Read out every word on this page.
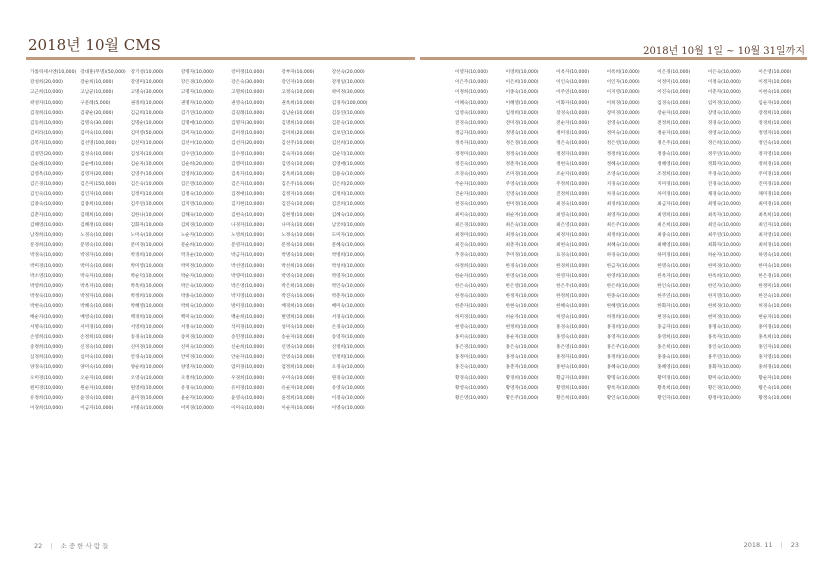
2018년 10월 CMS
가톨릭세시엔(10,000) 강대훈(무명)(50,000)	강기성(10,000)	강명자(10,000)	강미정(10,000)	강부자(10,000)	강선숙(20,000)
강성희(20,000)	강순희(10,000)	강영미(10,000)	강은경(10,000)	강은숙(30,000)	강인자(10,000)	강정일(10,000)
고근희(10,000)	고남균(10,000)	고명숙(30,000)	고명자(10,000)	고명희(10,000)	고정숙(10,000)	곽미정(30,000)
곽성자(10,000)	구문례(5,000)	권경희(10,000)	권명자(10,000)	권영숙(10,000)	권옥희(10,000)	김경자(100,000)
김경희(10,000)	김광순(20,000)	김금희(10,000)	김기연(10,000)	김길례(10,000)	김남순(10,000)	김동연(10,000)
김동희(10,000)	김명숙(30,000)	김명순(10,000)	김명애(10,000)	김명자(30,000)	김명희(10,000)	김문숙(10,000)
김미라(10,000)	김미숙(10,000)	김미영(50,000)	김미자(10,000)	김미정(10,000)	김미희(20,000)	김보연(10,000)
김복자(10,000)	김선영(100,000)	김선미(10,000)	김선이(10,000)	김선자(20,000)	김선주(10,000)	김선희(10,000)
김성민(20,000)	김성숙(10,000)	김성자(10,000)	김수연(10,000)	김수정(10,000)	김숙자(10,000)	김순덕(10,000)
김순례(10,000)	김순애(10,000)	김순자(10,000)	김순희(20,000)	김영미(10,000)	김영숙(10,000)	김영애(10,000)
김영옥(10,000)	김영자(20,000)	김영주(10,000)	김영희(10,000)	김옥자(10,000)	김옥희(10,000)	김용숙(10,000)
김은경(10,000)	김은미(150,000)	김은숙(10,000)	김은영(10,000)	김은자(10,000)	김은주(10,000)	김은희(20,000)
김인숙(10,000)	김인자(10,000)	김정미(10,000)	김정숙(10,000)	김정애(10,000)	김정자(10,000)	김정희(10,000)
김종숙(10,000)	김종희(10,000)	김주연(10,000)	김지영(10,000)	김지현(10,000)	김진숙(10,000)	김진희(10,000)
김춘자(10,000)	김태희(10,000)	김한나(10,000)	김해숙(10,000)	김현숙(10,000)	김현정(10,000)	김혜숙(10,000)
김혜영(10,000)	김혜정(10,000)	김화자(10,000)	김희경(10,000)	나경자(10,000)	나미숙(10,000)	남궁희(10,000)
남정희(10,000)	노경숙(10,000)	노미숙(10,000)	노순자(10,000)	노영희(10,000)	노정숙(10,000)	도미자(10,000)
문경희(10,000)	문명숙(10,000)	문미경(10,000)	문순희(10,000)	문영자(10,000)	문정숙(10,000)	문혜숙(10,000)
박경숙(10,000)	박경자(10,000)	박경희(10,000)	박귀순(10,000)	박금자(10,000)	박명숙(10,000)	박명희(10,000)
박미경(10,000)	박미숙(10,000)	박미영(10,000)	박미정(10,000)	박선영(10,000)	박선희(10,000)	박성희(10,000)
박소영(10,000)	박숙자(10,000)	박순덕(10,000)	박순자(10,000)	박영미(10,000)	박영숙(10,000)	박영자(10,000)
박영희(10,000)	박옥자(10,000)	박옥희(10,000)	박은숙(10,000)	박은영(10,000)	박은희(10,000)	박인숙(10,000)
박정숙(10,000)	박정자(10,000)	박정희(10,000)	박종숙(10,000)	박지영(10,000)	박진숙(10,000)	박춘자(10,000)
박현숙(10,000)	박혜숙(10,000)	박혜영(10,000)	박희숙(10,000)	방미경(10,000)	배경희(10,000)	배미숙(10,000)
배순자(10,000)	배영숙(10,000)	백경희(10,000)	백미숙(10,000)	백순희(10,000)	변영희(10,000)	서경숙(10,000)
서명숙(10,000)	서미경(10,000)	서영희(10,000)	서정숙(10,000)	석미경(10,000)	성미숙(10,000)	손경숙(10,000)
손영희(10,000)	손정희(10,000)	송경숙(10,000)	송미경(10,000)	송민정(10,000)	송순자(10,000)	송영자(10,000)
송정희(10,000)	신경숙(10,000)	신미경(10,000)	신미숙(10,000)	신순희(10,000)	신영숙(10,000)	신정희(10,000)
심경희(10,000)	심미숙(10,000)	안경숙(10,000)	안미경(10,000)	안순자(10,000)	안영숙(10,000)	안정희(10,000)
양경숙(10,000)	양미숙(10,000)	양순희(10,000)	양영자(10,000)	엄미경(10,000)	엄정희(10,000)	오경숙(10,000)
오미경(10,000)	오순자(10,000)	오영숙(10,000)	오정희(10,000)	우경희(10,000)	우미숙(10,000)	원경숙(10,000)
원미경(10,000)	원순자(10,000)	원영희(10,000)	유경숙(10,000)	유미경(10,000)	유순자(10,000)	유영숙(10,000)
유정희(10,000)	윤경숙(10,000)	윤미경(10,000)	윤순자(10,000)	윤영숙(10,000)	윤정희(10,000)	이경숙(10,000)
이경희(10,000)	이금자(10,000)	이명숙(10,000)	이미경(10,000)	이미숙(10,000)	이순자(10,000)	이영숙(10,000)
22 | 소 중 한 사 람 들
2018년 10월 1일 ~ 10월 31일까지
이영자(10,000)	이영희(10,000)	이옥자(10,000)	이옥희(10,000)	이은경(10,000)	이은숙(10,000)	이은영(10,000)
이은주(10,000)	이은희(10,000)	이인숙(10,000)	이인자(10,000)	이정미(10,000)	이정숙(10,000)	이정자(10,000)
이정희(10,000)	이종숙(10,000)	이주연(10,000)	이지영(10,000)	이진숙(10,000)	이춘자(10,000)	이현숙(10,000)
이혜숙(10,000)	이혜영(10,000)	이화자(10,000)	이희경(10,000)	임경숙(10,000)	임미경(10,000)	임순자(10,000)
임영숙(10,000)	임정희(10,000)	장경숙(10,000)	장미경(10,000)	장순자(10,000)	장영숙(10,000)	장정희(10,000)
전경숙(10,000)	전미경(10,000)	전순자(10,000)	전영숙(10,000)	전정희(10,000)	정경숙(10,000)	정경희(10,000)
정금자(10,000)	정명숙(10,000)	정미경(10,000)	정미숙(10,000)	정순자(10,000)	정영숙(10,000)	정영자(10,000)
정옥자(10,000)	정은경(10,000)	정은숙(10,000)	정은영(10,000)	정은주(10,000)	정은희(10,000)	정인숙(10,000)
정정미(10,000)	정정숙(10,000)	정정자(10,000)	정정희(10,000)	정종숙(10,000)	정주연(10,000)	정지영(10,000)
정진숙(10,000)	정춘자(10,000)	정현숙(10,000)	정혜숙(10,000)	정혜영(10,000)	정화자(10,000)	정희경(10,000)
조경숙(10,000)	조미경(10,000)	조순자(10,000)	조영숙(10,000)	조정희(10,000)	주경숙(10,000)	주미경(10,000)
주순자(10,000)	주영숙(10,000)	주정희(10,000)	지경숙(10,000)	지미경(10,000)	진경숙(10,000)	진미경(10,000)
진순자(10,000)	진영숙(10,000)	진정희(10,000)	차경숙(10,000)	차미경(10,000)	채경숙(10,000)	채미경(10,000)
천경숙(10,000)	천미경(10,000)	최경숙(10,000)	최경희(10,000)	최금자(10,000)	최명숙(10,000)	최미경(10,000)
최미숙(10,000)	최순자(10,000)	최영숙(10,000)	최영자(10,000)	최영희(10,000)	최옥자(10,000)	최옥희(10,000)
최은경(10,000)	최은숙(10,000)	최은영(10,000)	최은주(10,000)	최은희(10,000)	최인숙(10,000)	최인자(10,000)
최정미(10,000)	최정숙(10,000)	최정자(10,000)	최정희(10,000)	최종숙(10,000)	최주연(10,000)	최지영(10,000)
최진숙(10,000)	최춘자(10,000)	최현숙(10,000)	최혜숙(10,000)	최혜영(10,000)	최화자(10,000)	최희경(10,000)
추경숙(10,000)	추미경(10,000)	표경숙(10,000)	하경숙(10,000)	하미경(10,000)	하순자(10,000)	하영숙(10,000)
하정희(10,000)	한경숙(10,000)	한경희(10,000)	한금자(10,000)	한명숙(10,000)	한미경(10,000)	한미숙(10,000)
한순자(10,000)	한영숙(10,000)	한영자(10,000)	한영희(10,000)	한옥자(10,000)	한옥희(10,000)	한은경(10,000)
한은숙(10,000)	한은영(10,000)	한은주(10,000)	한은희(10,000)	한인숙(10,000)	한인자(10,000)	한정미(10,000)
한정숙(10,000)	한정자(10,000)	한정희(10,000)	한종숙(10,000)	한주연(10,000)	한지영(10,000)	한진숙(10,000)
한춘자(10,000)	한현숙(10,000)	한혜숙(10,000)	한혜영(10,000)	한화자(10,000)	한희경(10,000)	허경숙(10,000)
허미경(10,000)	허순자(10,000)	허영숙(10,000)	허정희(10,000)	현경숙(10,000)	현미경(10,000)	현순자(10,000)
현영숙(10,000)	현정희(10,000)	홍경숙(10,000)	홍경희(10,000)	홍금자(10,000)	홍명숙(10,000)	홍미경(10,000)
홍미숙(10,000)	홍순자(10,000)	홍영숙(10,000)	홍영자(10,000)	홍영희(10,000)	홍옥자(10,000)	홍옥희(10,000)
홍은경(10,000)	홍은숙(10,000)	홍은영(10,000)	홍은주(10,000)	홍은희(10,000)	홍인숙(10,000)	홍인자(10,000)
홍정미(10,000)	홍정숙(10,000)	홍정자(10,000)	홍정희(10,000)	홍종숙(10,000)	홍주연(10,000)	홍지영(10,000)
홍진숙(10,000)	홍춘자(10,000)	홍현숙(10,000)	홍혜숙(10,000)	홍혜영(10,000)	홍화자(10,000)	홍희경(10,000)
황경숙(10,000)	황경희(10,000)	황금자(10,000)	황명숙(10,000)	황미경(10,000)	황미숙(10,000)	황순자(10,000)
황영숙(10,000)	황영자(10,000)	황영희(10,000)	황옥자(10,000)	황옥희(10,000)	황은경(10,000)	황은숙(10,000)
황은영(10,000)	황은주(10,000)	황은희(10,000)	황인숙(10,000)	황인자(10,000)	황정미(10,000)	황정숙(10,000)
2018. 11 | 23
